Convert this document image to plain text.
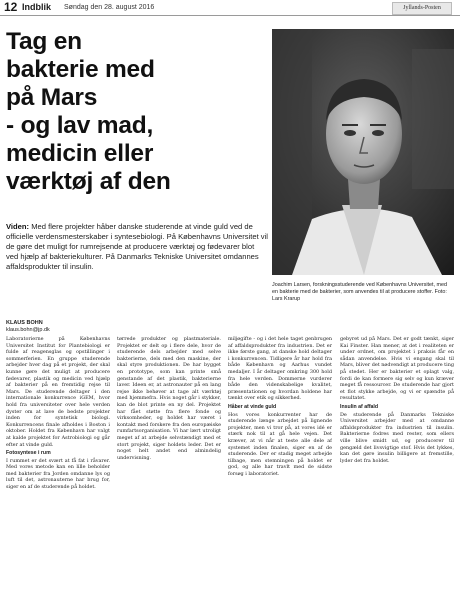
12 Indblik Søndag den 28. august 2016	Jyllands-Posten
Tag en
bakterie med
på Mars
- og lav mad,
medicin eller
værktøj af den
Joachim Larsen, forskningsstuderende ved Københavns Universitet, med en bakterie med de bakterier, som anvendes til at producere stoffer. Foto: Lars Krarup

Viden: Med flere projekter håber danske studerende at vinde guld ved de officielle verdensmesterskaber i syntesebiologi. På Københavns Universitet vil de gøre det muligt for rumrejsende at producere værktøj og fødevarer blot ved hjælp af bakteriekulturer. På Danmarks Tekniske Universitet omdannes affaldsprodukter til insulin.

KLAUS BOHN
klaus.bohn@jp.dk

Laboratorierne på Københavns Universitet Institut for Plantebiologi er fulde af reagensglas og opstillinger i sommerferien. En gruppe studerende arbejder hver dag på et projekt, der skal kunne gøre det muligt at producere fødevarer, plastik og medicin ved hjælp af bakterier på en fremtidig rejse til Mars. De studerende deltager i den internationale konkurrence iGEM, hvor hold fra universiteter over hele verden dyster om at lave de bedste projekter inden for syntetisk biologi. Konkurrencens finale afholdes i Boston i oktober. Holdet fra København har valgt at kalde projektet for Astrobiologi og går efter at vinde guld.

Fotosyntese i rum

I rummet er det svært at få fat i råvarer. Med vores metode kan en lille beholder med bakterier fra Jorden omdanne lys og luft til det, astronauterne har brug for, siger en af de studerende på holdet.

tørrede produkter og plastmateriale. Projektet er delt op i flere dele, hvor de studerende dels arbejder med selve bakterierne, dels med den maskine, der skal styre produktionen. De har bygget en prototype, som kan printe små genstande af det plastik, bakterierne laver. Ideen er, at astronauter på en lang rejse ikke behøver at tage alt værktøj med hjemmefra. Hvis noget går i stykker, kan de blot printe en ny del. Projektet har fået støtte fra flere fonde og virksomheder, og holdet har været i kontakt med forskere fra den europæiske rumfartsorganisation. Vi har lært utroligt meget af at arbejde selvstændigt med et stort projekt, siger holdets leder. Det er noget helt andet end almindelig undervisning.

miljøgifte - og i det hele taget genbrugen af affaldsprodukter fra industrien. Det er ikke første gang, at danske hold deltager i konkurrencen. Tidligere år har hold fra både København og Aarhus vundet medaljer. I år deltager omkring 300 hold fra hele verden. Dommerne vurderer både den videnskabelige kvalitet, præsentationen og hvordan holdene har tænkt over etik og sikkerhed.

Håber at vinde guld

Hos vores konkurrenter har de studerende længe arbejdet på lignende projekter, men vi tror på, at vores idé er stærk nok til at gå hele vejen. Det kræver, at vi når at teste alle dele af systemet inden finalen, siger en af de studerende. Der er stadig meget arbejde tilbage, men stemningen på holdet er god, og alle har travlt med de sidste forsøg i laboratoriet.

gebyret ud på Mars. Det er godt tænkt, siger Kai Finster. Han mener, at det i realiteten er under ordnet, om projektet i praksis får en sådan anvendelse. Hvis vi engang skal til Mars, bliver det nødvendigt at producere ting på stedet. Her er bakterier et oplagt valg, fordi de kan formere sig selv og kun kræver meget få ressourcer. De studerende har gjort et flot stykke arbejde, og vi er spændte på resultatet.

Insulin af affald

De studerende på Danmarks Tekniske Universitet arbejder med at omdanne affaldsprodukter fra industrien til insulin. Bakterierne fodres med rester, som ellers ville blive smidt ud, og producerer til gengæld det livsvigtige stof. Hvis det lykkes, kan det gøre insulin billigere at fremstille, lyder det fra holdet.
